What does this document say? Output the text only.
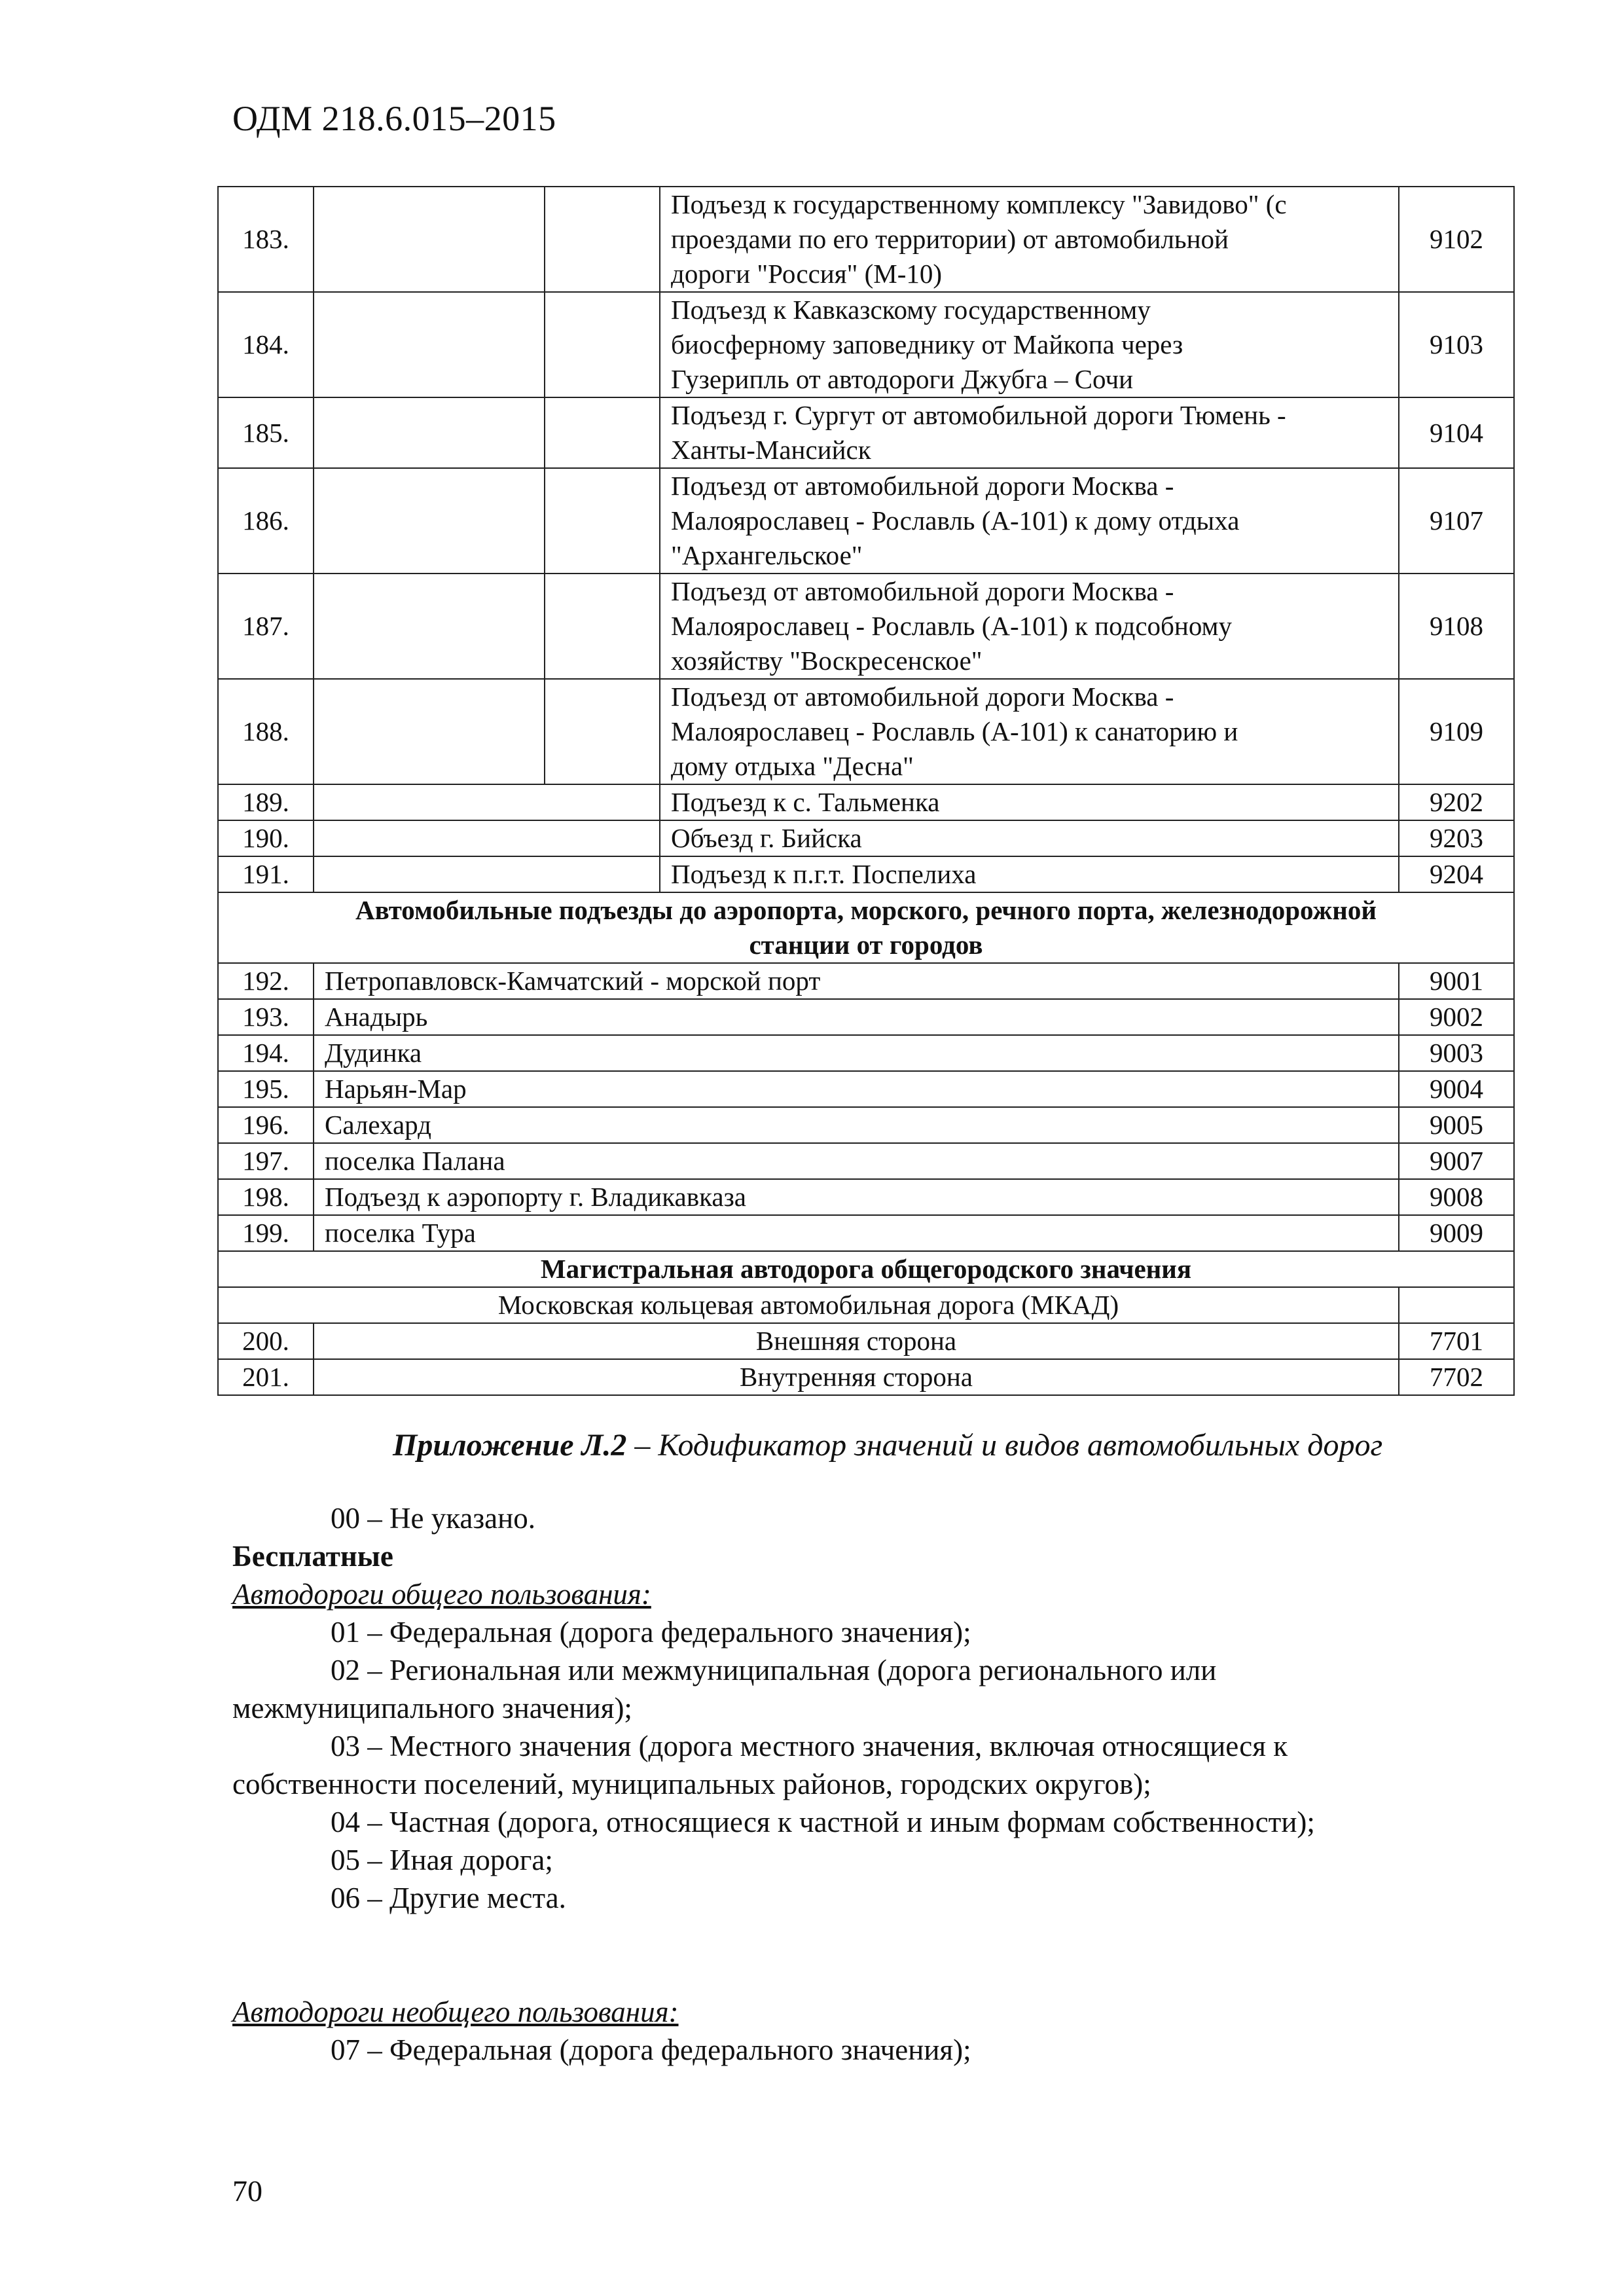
ОДМ 218.6.015–2015
183.			Подъезд к государственному комплексу "Завидово" (с
проездами по его территории) от автомобильной
дороги "Россия" (М-10)	9102
184.			Подъезд к Кавказскому государственному
биосферному заповеднику от Майкопа через
Гузерипль от автодороги Джубга – Сочи	9103
185.			Подъезд г. Сургут от автомобильной дороги Тюмень -
Ханты-Мансийск	9104
186.			Подъезд от автомобильной дороги Москва -
Малоярославец - Рославль (А-101) к дому отдыха
"Архангельское"	9107
187.			Подъезд от автомобильной дороги Москва -
Малоярославец - Рославль (А-101) к подсобному
хозяйству "Воскресенское"	9108
188.			Подъезд от автомобильной дороги Москва -
Малоярославец - Рославль (А-101) к санаторию и
дому отдыха "Десна"	9109
189.			Подъезд к с. Тальменка	9202
190.			Объезд г. Бийска	9203
191.			Подъезд к п.г.т. Поспелиха	9204

Автомобильные подъезды до аэропорта, морского, речного порта, железнодорожной
станции от городов				

192.	Петропавловск-Камчатский - морской порт			9001
193.	Анадырь			9002
194.	Дудинка			9003
195.	Нарьян-Мар			9004
196.	Салехард			9005
197.	поселка Палана			9007
198.	Подъезд к аэропорту г. Владикавказа			9008
199.	поселка Тура			9009
Магистральная автодорога общегородского значения				
Московская кольцевая автомобильная дорога (МКАД)				
200.	Внешняя сторона			7701
201.	Внутренняя сторона			7702
Приложение Л.2 – Кодификатор значений и видов автомобильных дорог

00 – Не указано.

Бесплатные

Автодороги общего пользования:

01 – Федеральная (дорога федерального значения);

02 – Региональная или межмуниципальная (дорога регионального или межмуниципального значения);

03 – Местного значения (дорога местного значения, включая относящиеся к собственности поселений, муниципальных районов, городских округов);

04 – Частная (дорога, относящиеся к частной и иным формам собственности);

05 – Иная дорога;

06 – Другие места.

Автодороги необщего пользования:

07 – Федеральная (дорога федерального значения);

70
